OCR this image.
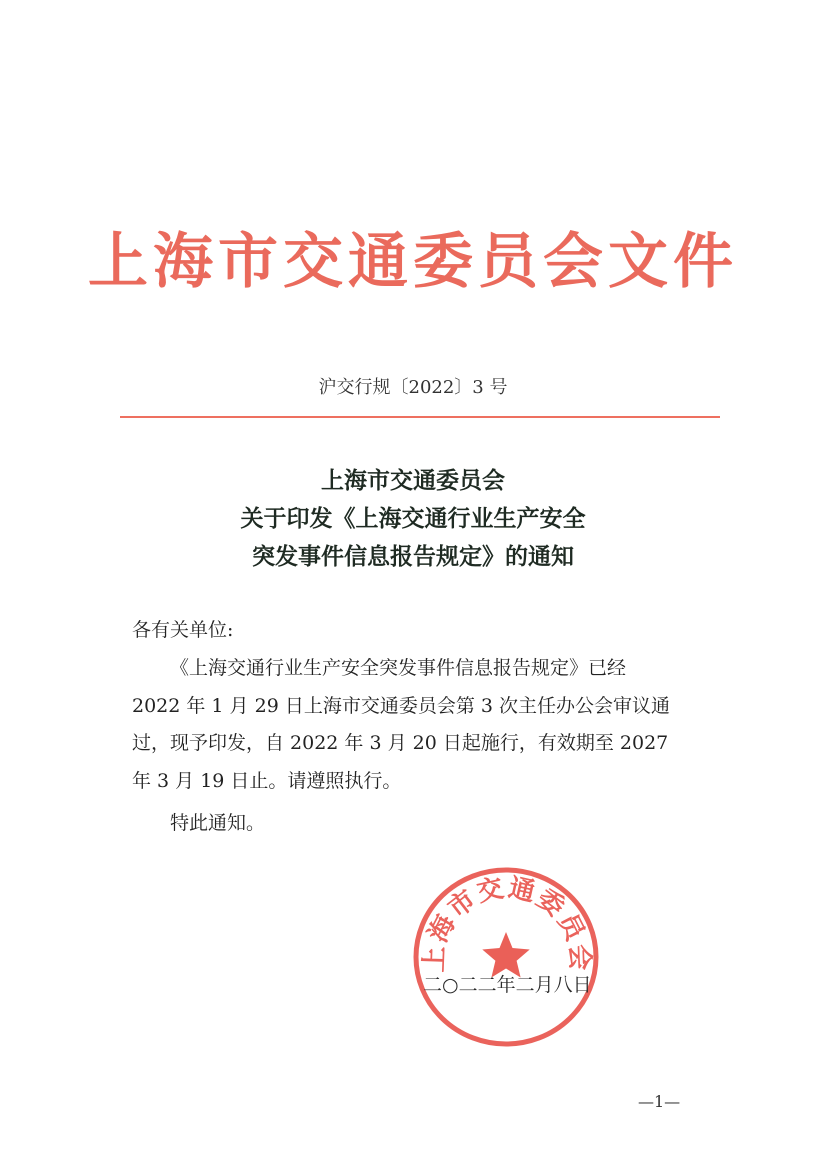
上海市交通委员会文件
沪交行规〔2022〕3 号
上海市交通委员会
关于印发《上海交通行业生产安全
突发事件信息报告规定》的通知
各有关单位:
《上海交通行业生产安全突发事件信息报告规定》已经
2022 年 1 月 29 日上海市交通委员会第 3 次主任办公会审议通
过，现予印发，自 2022 年 3 月 20 日起施行，有效期至 2027
年 3 月 19 日止。请遵照执行。
特此通知。
上海市交通委员会
二○二二年二月八日
—1—
